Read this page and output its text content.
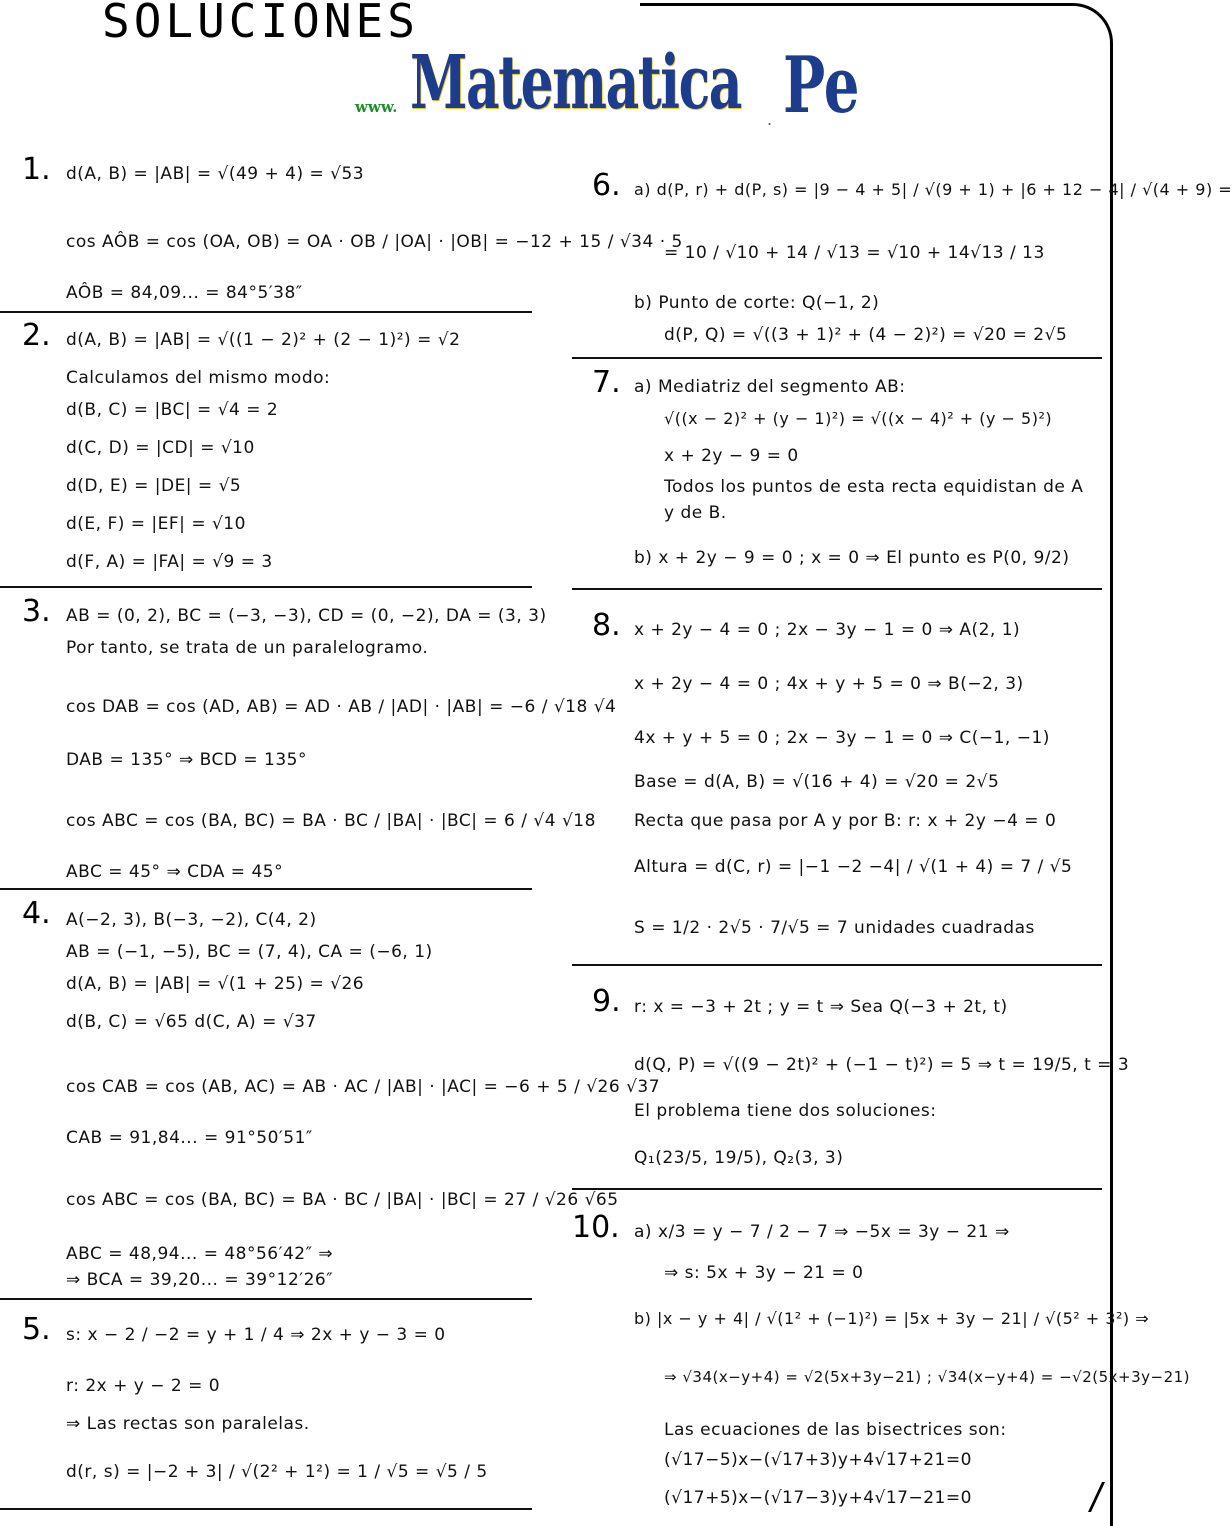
SOLUCIONES
www. Matematica . Pe
1. d(A, B) = |AB| = √(49 + 4) = √53
cos AÔB = cos (OA, OB) = OA · OB / |OA| · |OB| = −12 + 15 / √34 · 5
AÔB = 84,09... = 84°5′38″
2. d(A, B) = |AB| = √((1 − 2)² + (2 − 1)²) = √2
Calculamos del mismo modo:
d(B, C) = |BC| = √4 = 2
d(C, D) = |CD| = √10
d(D, E) = |DE| = √5
d(E, F) = |EF| = √10
d(F, A) = |FA| = √9 = 3
3. AB = (0, 2), BC = (−3, −3), CD = (0, −2), DA = (3, 3)
Por tanto, se trata de un paralelogramo.
cos DAB = cos (AD, AB) = AD · AB / |AD| · |AB| = −6 / √18 √4
DAB = 135° ⇒ BCD = 135°
cos ABC = cos (BA, BC) = BA · BC / |BA| · |BC| = 6 / √4 √18
ABC = 45° ⇒ CDA = 45°
4. A(−2, 3), B(−3, −2), C(4, 2)
AB = (−1, −5), BC = (7, 4), CA = (−6, 1)
d(A, B) = |AB| = √(1 + 25) = √26
d(B, C) = √65 d(C, A) = √37
cos CAB = cos (AB, AC) = AB · AC / |AB| · |AC| = −6 + 5 / √26 √37
CAB = 91,84... = 91°50′51″
cos ABC = cos (BA, BC) = BA · BC / |BA| · |BC| = 27 / √26 √65
ABC = 48,94... = 48°56′42″ ⇒
⇒ BCA = 39,20... = 39°12′26″
5. s: x − 2 / −2 = y + 1 / 4 ⇒ 2x + y − 3 = 0
r: 2x + y − 2 = 0
⇒ Las rectas son paralelas.
d(r, s) = |−2 + 3| / √(2² + 1²) = 1 / √5 = √5 / 5
6. a) d(P, r) + d(P, s) = |9 − 4 + 5| / √(9 + 1) + |6 + 12 − 4| / √(4 + 9) =
= 10 / √10 + 14 / √13 = √10 + 14√13 / 13
b) Punto de corte: Q(−1, 2)
d(P, Q) = √((3 + 1)² + (4 − 2)²) = √20 = 2√5
7. a) Mediatriz del segmento AB:
√((x − 2)² + (y − 1)²) = √((x − 4)² + (y − 5)²)
x + 2y − 9 = 0
Todos los puntos de esta recta equidistan de A
y de B.
b) x + 2y − 9 = 0 ; x = 0 ⇒ El punto es P(0, 9/2)
8. x + 2y − 4 = 0 ; 2x − 3y − 1 = 0 ⇒ A(2, 1)
x + 2y − 4 = 0 ; 4x + y + 5 = 0 ⇒ B(−2, 3)
4x + y + 5 = 0 ; 2x − 3y − 1 = 0 ⇒ C(−1, −1)
Base = d(A, B) = √(16 + 4) = √20 = 2√5
Recta que pasa por A y por B: r: x + 2y −4 = 0
Altura = d(C, r) = |−1 −2 −4| / √(1 + 4) = 7 / √5
S = 1/2 · 2√5 · 7/√5 = 7 unidades cuadradas
9. r: x = −3 + 2t ; y = t ⇒ Sea Q(−3 + 2t, t)
d(Q, P) = √((9 − 2t)² + (−1 − t)²) = 5 ⇒ t = 19/5, t = 3
El problema tiene dos soluciones:
Q₁(23/5, 19/5), Q₂(3, 3)
10. a) x/3 = y − 7 / 2 − 7 ⇒ −5x = 3y − 21 ⇒
⇒ s: 5x + 3y − 21 = 0
b) |x − y + 4| / √(1² + (−1)²) = |5x + 3y − 21| / √(5² + 3²) ⇒
⇒ √34(x−y+4) = √2(5x+3y−21) ; √34(x−y+4) = −√2(5x+3y−21)
Las ecuaciones de las bisectrices son:
(√17−5)x−(√17+3)y+4√17+21=0
(√17+5)x−(√17−3)y+4√17−21=0
